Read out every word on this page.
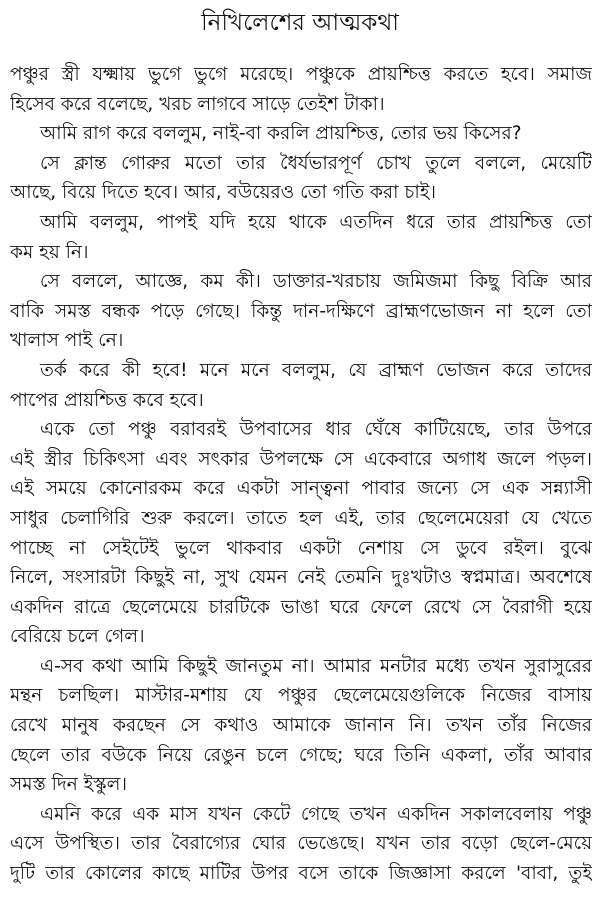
নিখিলেশের আত্মকথা
পঞ্চুর স্ত্রী যক্ষ্মায় ভুগে ভুগে মরেছে। পঞ্চুকে প্রায়শ্চিত্ত করতে হবে। সমাজ
হিসেব করে বলেছে, খরচ লাগবে সাড়ে তেইশ টাকা।
আমি রাগ করে বললুম, নাই-বা করলি প্রায়শ্চিত্ত, তোর ভয় কিসের?
সে ক্লান্ত গোরুর মতো তার ধৈর্যভারপূর্ণ চোখ তুলে বললে, মেয়েটি
আছে, বিয়ে দিতে হবে। আর, বউয়েরও তো গতি করা চাই।
আমি বললুম, পাপই যদি হয়ে থাকে এতদিন ধরে তার প্রায়শ্চিত্ত তো
কম হয় নি।
সে বললে, আজ্ঞে, কম কী। ডাক্তার-খরচায় জমিজমা কিছু বিক্রি আর
বাকি সমস্ত বন্ধক পড়ে গেছে। কিন্তু দান-দক্ষিণে ব্রাহ্মণভোজন না হলে তো
খালাস পাই নে।
তর্ক করে কী হবে! মনে মনে বললুম, যে ব্রাহ্মণ ভোজন করে তাদের
পাপের প্রায়শ্চিত্ত কবে হবে।
একে তো পঞ্চু বরাবরই উপবাসের ধার ঘেঁষে কাটিয়েছে, তার উপরে
এই স্ত্রীর চিকিৎসা এবং সৎকার উপলক্ষে সে একেবারে অগাধ জলে পড়ল।
এই সময়ে কোনোরকম করে একটা সান্ত্বনা পাবার জন্যে সে এক সন্ন্যাসী
সাধুর চেলাগিরি শুরু করলে। তাতে হল এই, তার ছেলেমেয়েরা যে খেতে
পাচ্ছে না সেইটেই ভুলে থাকবার একটা নেশায় সে ডুবে রইল। বুঝে
নিলে, সংসারটা কিছুই না, সুখ যেমন নেই তেমনি দুঃখটাও স্বপ্নমাত্র। অবশেষে
একদিন রাত্রে ছেলেমেয়ে চারটিকে ভাঙা ঘরে ফেলে রেখে সে বৈরাগী হয়ে
বেরিয়ে চলে গেল।
এ-সব কথা আমি কিছুই জানতুম না। আমার মনটার মধ্যে তখন সুরাসুরের
মন্থন চলছিল। মাস্টার-মশায় যে পঞ্চুর ছেলেমেয়েগুলিকে নিজের বাসায়
রেখে মানুষ করছেন সে কথাও আমাকে জানান নি। তখন তাঁর নিজের
ছেলে তার বউকে নিয়ে রেঙুন চলে গেছে; ঘরে তিনি একলা, তাঁর আবার
সমস্ত দিন ইস্কুল।
এমনি করে এক মাস যখন কেটে গেছে তখন একদিন সকালবেলায় পঞ্চু
এসে উপস্থিত। তার বৈরাগ্যের ঘোর ভেঙেছে। যখন তার বড়ো ছেলে-মেয়ে
দুটি তার কোলের কাছে মাটির উপর বসে তাকে জিজ্ঞাসা করলে 'বাবা, তুই
